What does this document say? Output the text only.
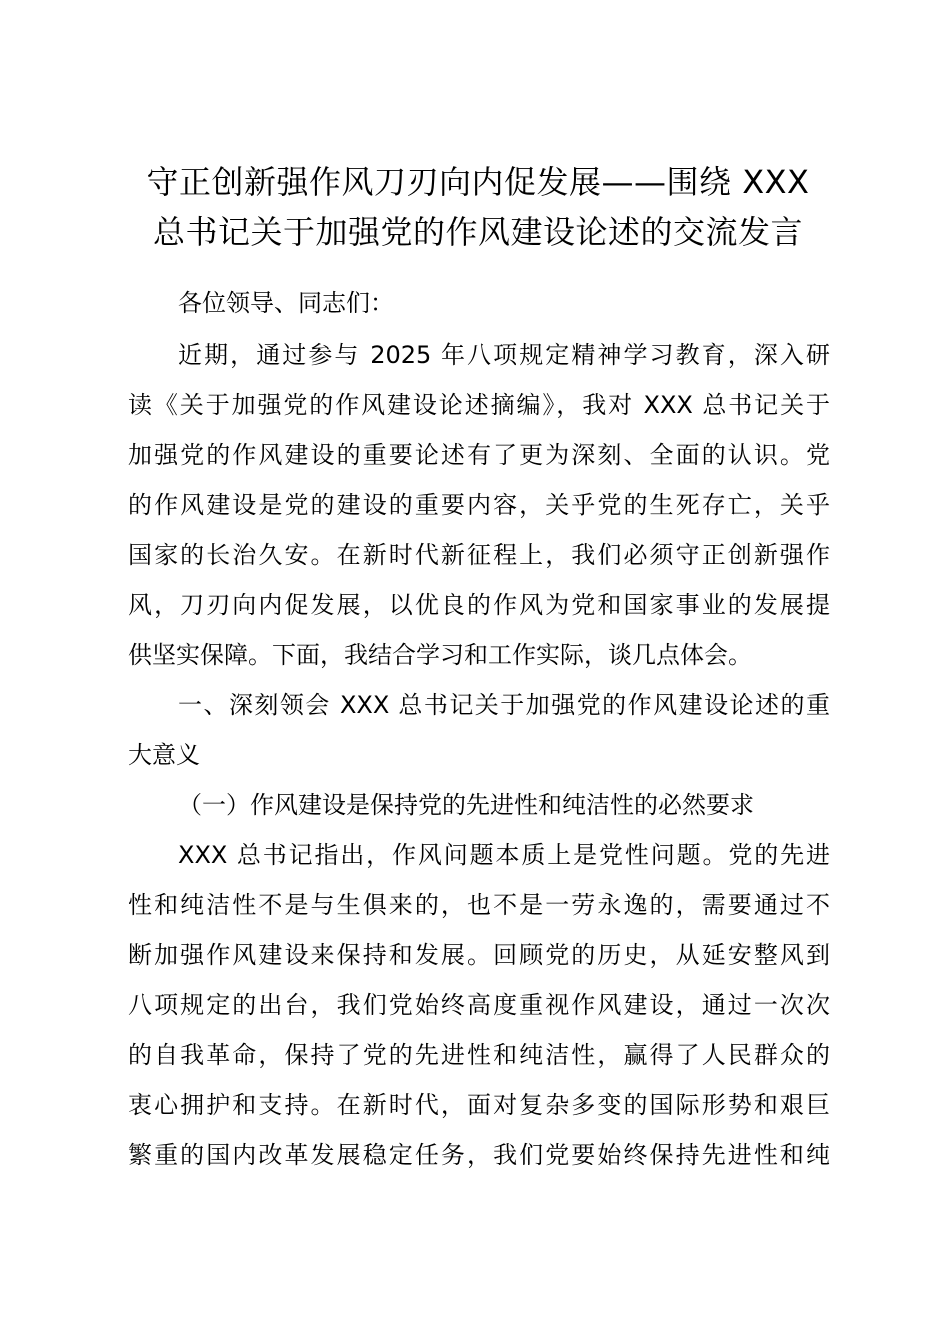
守正创新强作风刀刃向内促发展——围绕 XXX
总书记关于加强党的作风建设论述的交流发言
各位领导、同志们：
近期，通过参与 2025 年八项规定精神学习教育，深入研
读《关于加强党的作风建设论述摘编》，我对 XXX 总书记关于
加强党的作风建设的重要论述有了更为深刻、全面的认识。党
的作风建设是党的建设的重要内容，关乎党的生死存亡，关乎
国家的长治久安。在新时代新征程上，我们必须守正创新强作
风，刀刃向内促发展，以优良的作风为党和国家事业的发展提
供坚实保障。下面，我结合学习和工作实际，谈几点体会。
一、深刻领会 XXX 总书记关于加强党的作风建设论述的重
大意义
（一）作风建设是保持党的先进性和纯洁性的必然要求
XXX 总书记指出，作风问题本质上是党性问题。党的先进
性和纯洁性不是与生俱来的，也不是一劳永逸的，需要通过不
断加强作风建设来保持和发展。回顾党的历史，从延安整风到
八项规定的出台，我们党始终高度重视作风建设，通过一次次
的自我革命，保持了党的先进性和纯洁性，赢得了人民群众的
衷心拥护和支持。在新时代，面对复杂多变的国际形势和艰巨
繁重的国内改革发展稳定任务，我们党要始终保持先进性和纯
